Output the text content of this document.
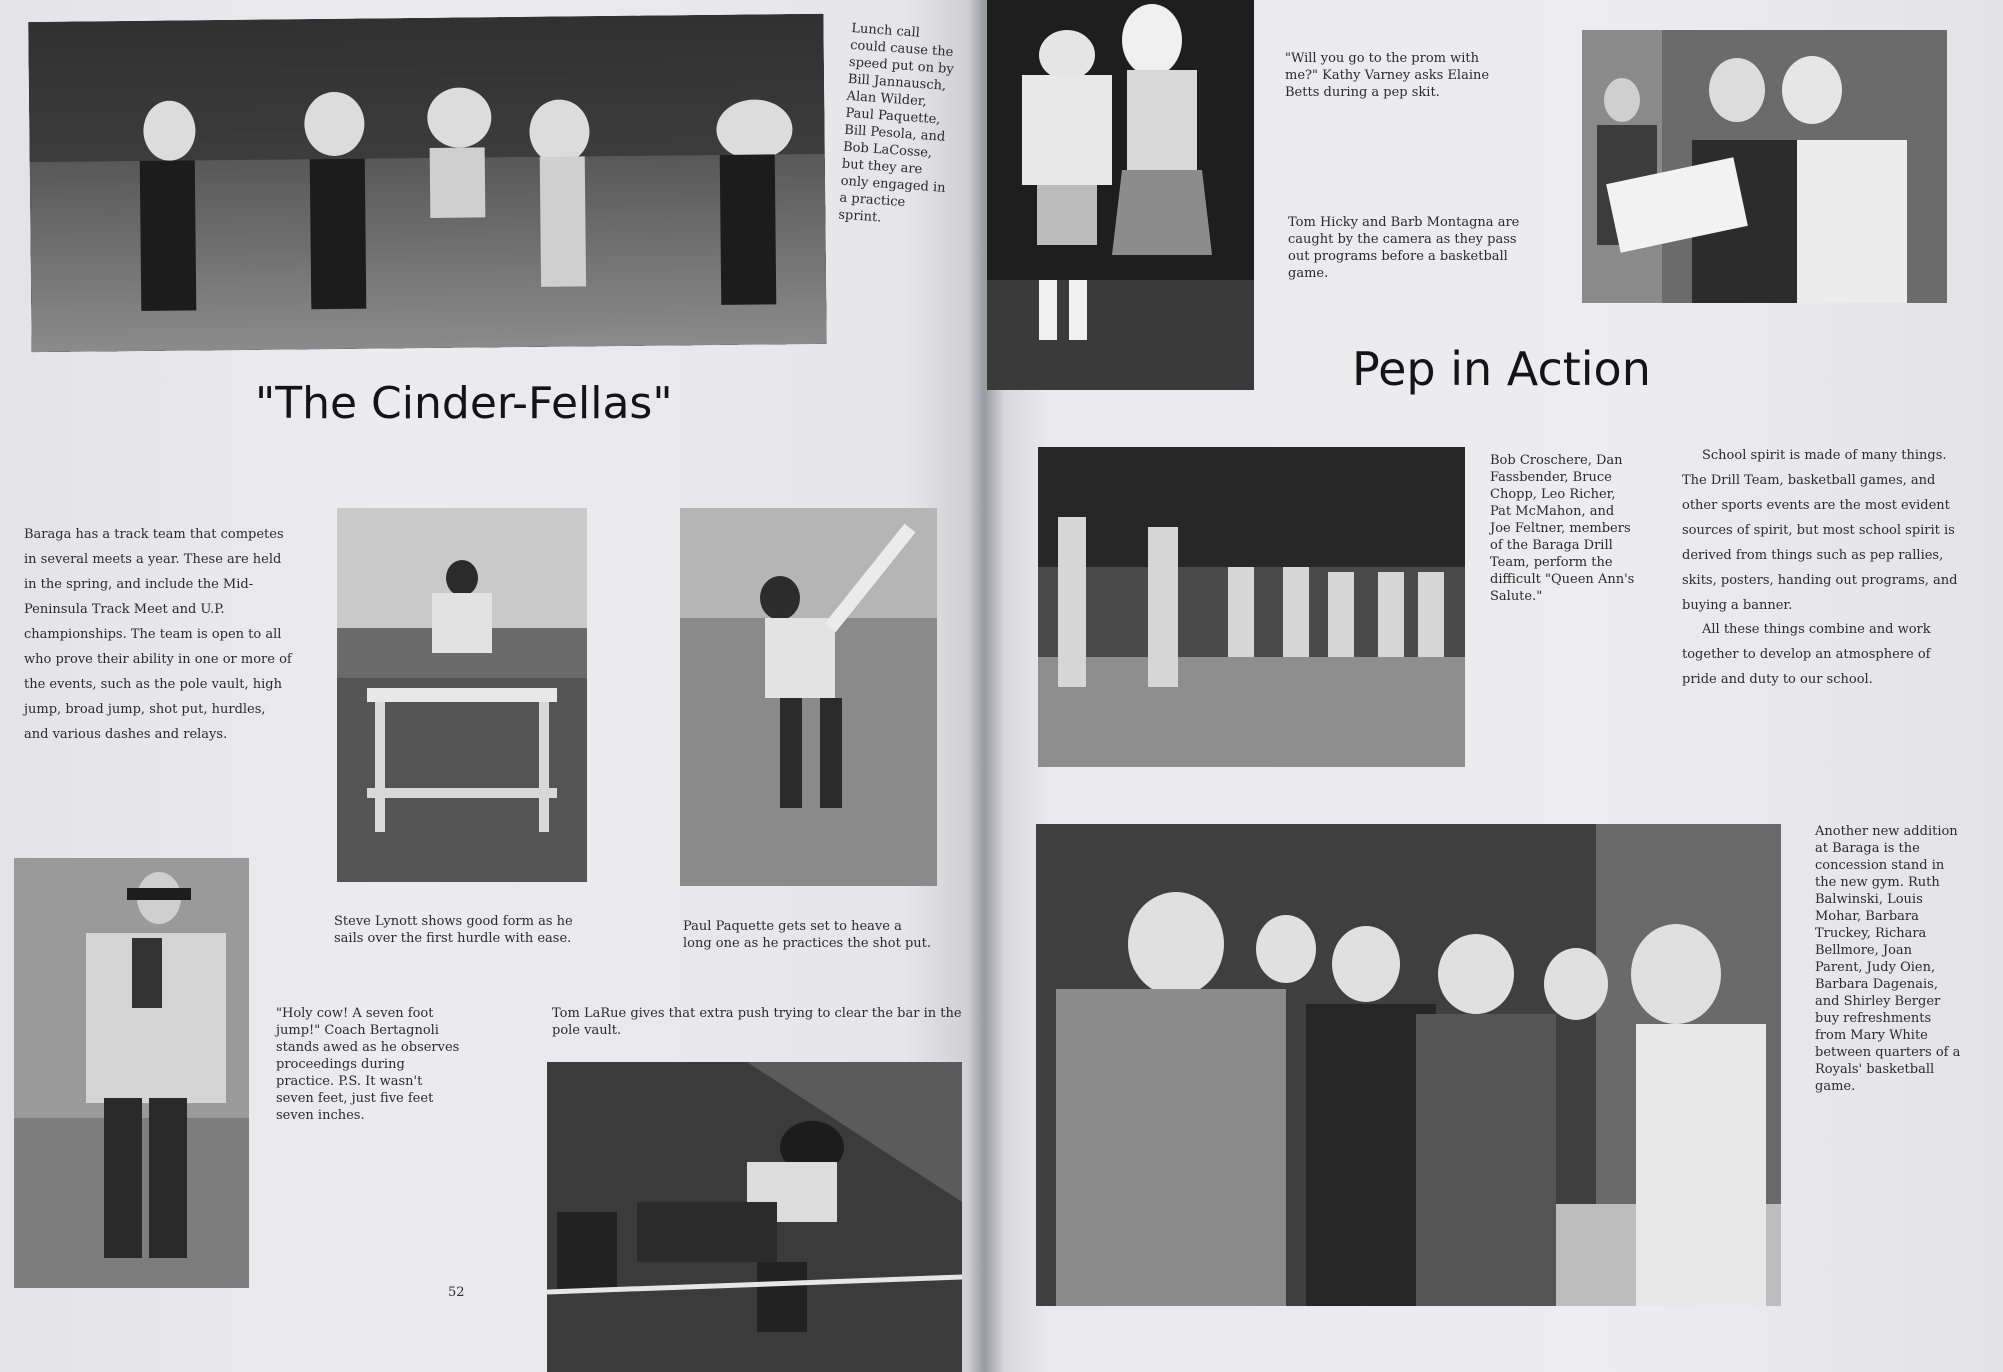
Lunch call could cause the speed put on by Bill Jannausch, Alan Wilder, Paul Paquette, Bill Pesola, and Bob LaCosse, but they are only engaged in a practice sprint.

"The Cinder-Fellas"

Baraga has a track team that competes in several meets a year. These are held in the spring, and include the Mid-Peninsula Track Meet and U.P. championships. The team is open to all who prove their ability in one or more of the events, such as the pole vault, high jump, broad jump, shot put, hurdles, and various dashes and relays.

Steve Lynott shows good form as he sails over the first hurdle with ease.

Paul Paquette gets set to heave a long one as he practices the shot put.

"Holy cow! A seven foot jump!" Coach Bertagnoli stands awed as he observes proceedings during practice. P.S. It wasn't seven feet, just five feet seven inches.

Tom LaRue gives that extra push trying to clear the bar in the pole vault.

52

"Will you go to the prom with me?" Kathy Varney asks Elaine Betts during a pep skit.

Tom Hicky and Barb Montagna are caught by the camera as they pass out programs before a basketball game.

Pep in Action

Bob Croschere, Dan Fassbender, Bruce Chopp, Leo Richer, Pat McMahon, and Joe Feltner, members of the Baraga Drill Team, perform the difficult "Queen Ann's Salute."

School spirit is made of many things. The Drill Team, basketball games, and other sports events are the most evident sources of spirit, but most school spirit is derived from things such as pep rallies, skits, posters, handing out programs, and buying a banner.

All these things combine and work together to develop an atmosphere of pride and duty to our school.

Another new addition at Baraga is the concession stand in the new gym. Ruth Balwinski, Louis Mohar, Barbara Truckey, Richara Bellmore, Joan Parent, Judy Oien, Barbara Dagenais, and Shirley Berger buy refreshments from Mary White between quarters of a Royals' basketball game.
